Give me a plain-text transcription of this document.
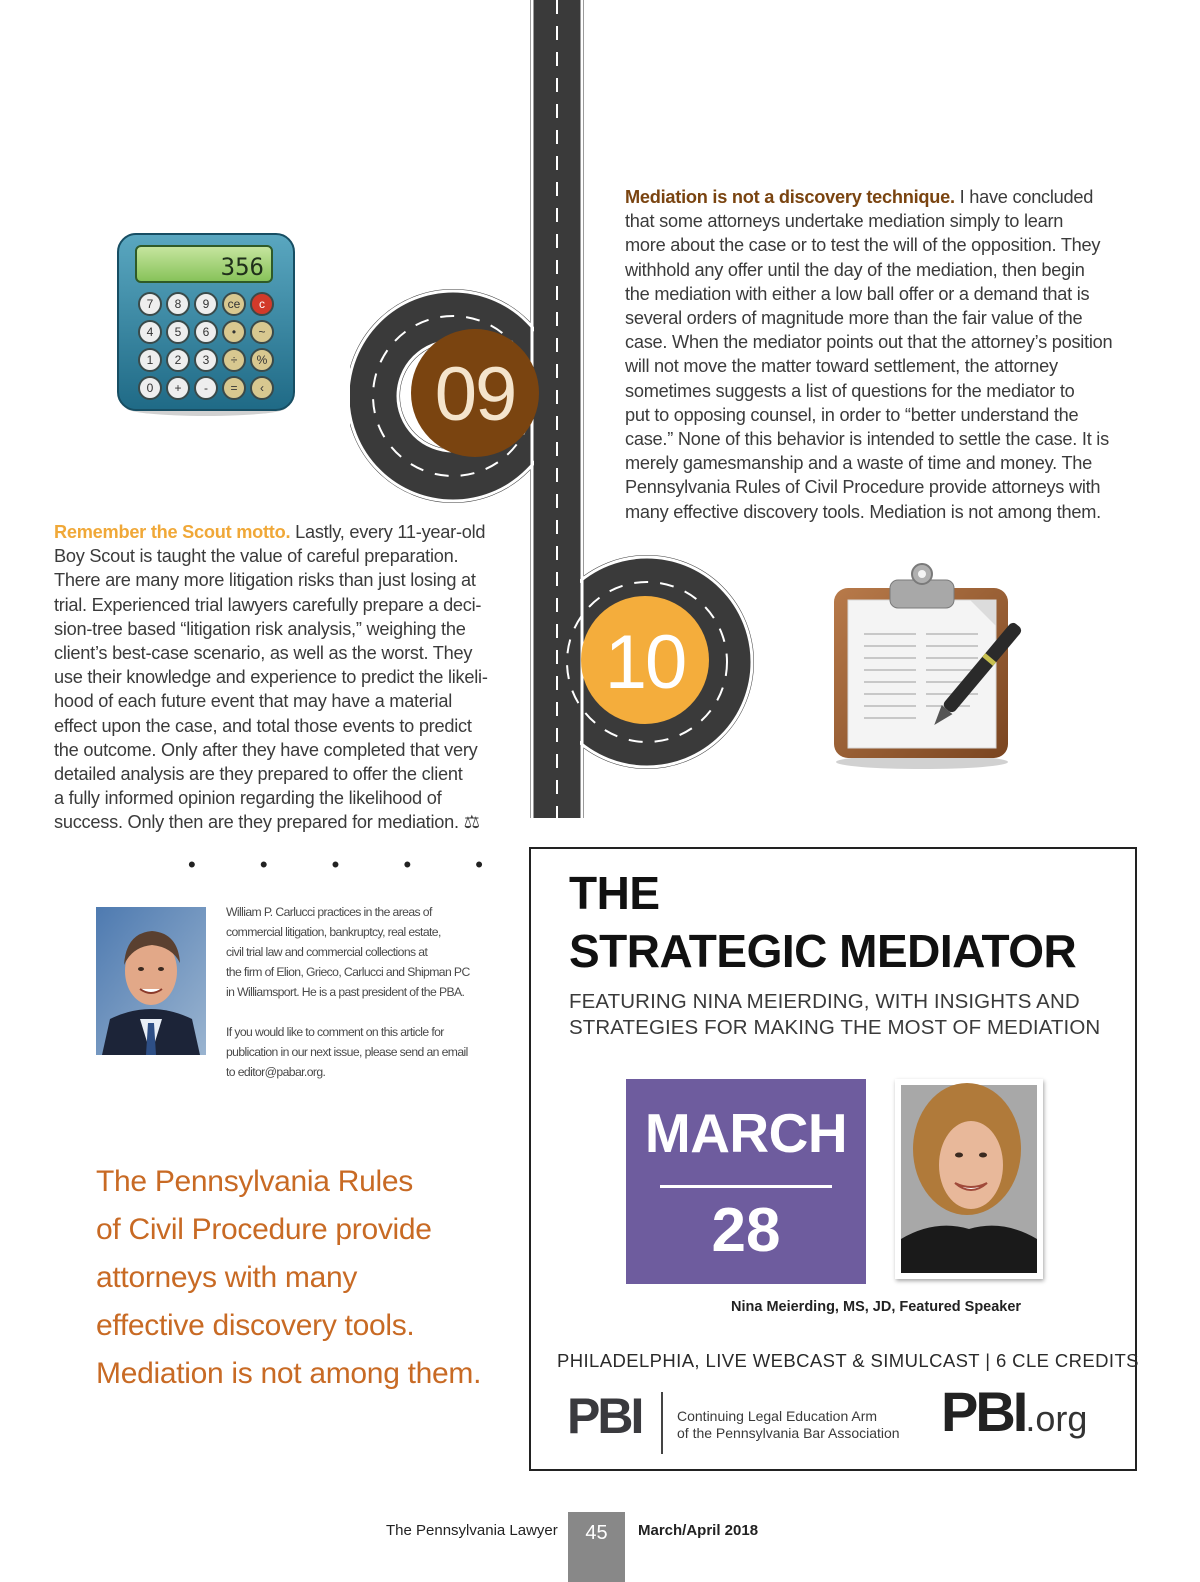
09
10
356
7 8 9 ce c
4 5 6 • ~
1 2 3 ÷ %
0 + - = ‹
Mediation is not a discovery technique. I have concluded
that some attorneys undertake mediation simply to learn
more about the case or to test the will of the opposition. They
withhold any offer until the day of the mediation, then begin
the mediation with either a low ball offer or a demand that is
several orders of magnitude more than the fair value of the
case. When the mediator points out that the attorney’s position
will not move the matter toward settlement, the attorney
sometimes suggests a list of questions for the mediator to
put to opposing counsel, in order to “better understand the
case.” None of this behavior is intended to settle the case. It is
merely gamesmanship and a waste of time and money. The
Pennsylvania Rules of Civil Procedure provide attorneys with
many effective discovery tools. Mediation is not among them.
Remember the Scout motto. Lastly, every 11-year-old
Boy Scout is taught the value of careful preparation.
There are many more litigation risks than just losing at
trial. Experienced trial lawyers carefully prepare a deci-
sion-tree based “litigation risk analysis,” weighing the
client’s best-case scenario, as well as the worst. They
use their knowledge and experience to predict the likeli-
hood of each future event that may have a material
effect upon the case, and total those events to predict
the outcome. Only after they have completed that very
detailed analysis are they prepared to offer the client
a fully informed opinion regarding the likelihood of
success. Only then are they prepared for mediation. ⚖
• • • • •
William P. Carlucci practices in the areas of
commercial litigation, bankruptcy, real estate,
civil trial law and commercial collections at
the firm of Elion, Grieco, Carlucci and Shipman PC
in Williamsport. He is a past president of the PBA.

If you would like to comment on this article for
publication in our next issue, please send an email
to editor@pabar.org.
The Pennsylvania Rules
of Civil Procedure provide
attorneys with many
effective discovery tools.
Mediation is not among them.
THE
STRATEGIC MEDIATOR
FEATURING NINA MEIERDING, WITH INSIGHTS AND
STRATEGIES FOR MAKING THE MOST OF MEDIATION
MARCH
28
Nina Meierding, MS, JD, Featured Speaker
PHILADELPHIA, LIVE WEBCAST & SIMULCAST | 6 CLE CREDITS
PBI	Continuing Legal Education Arm
of the Pennsylvania Bar Association PBI.org
The Pennsylvania Lawyer	45	March/April 2018
